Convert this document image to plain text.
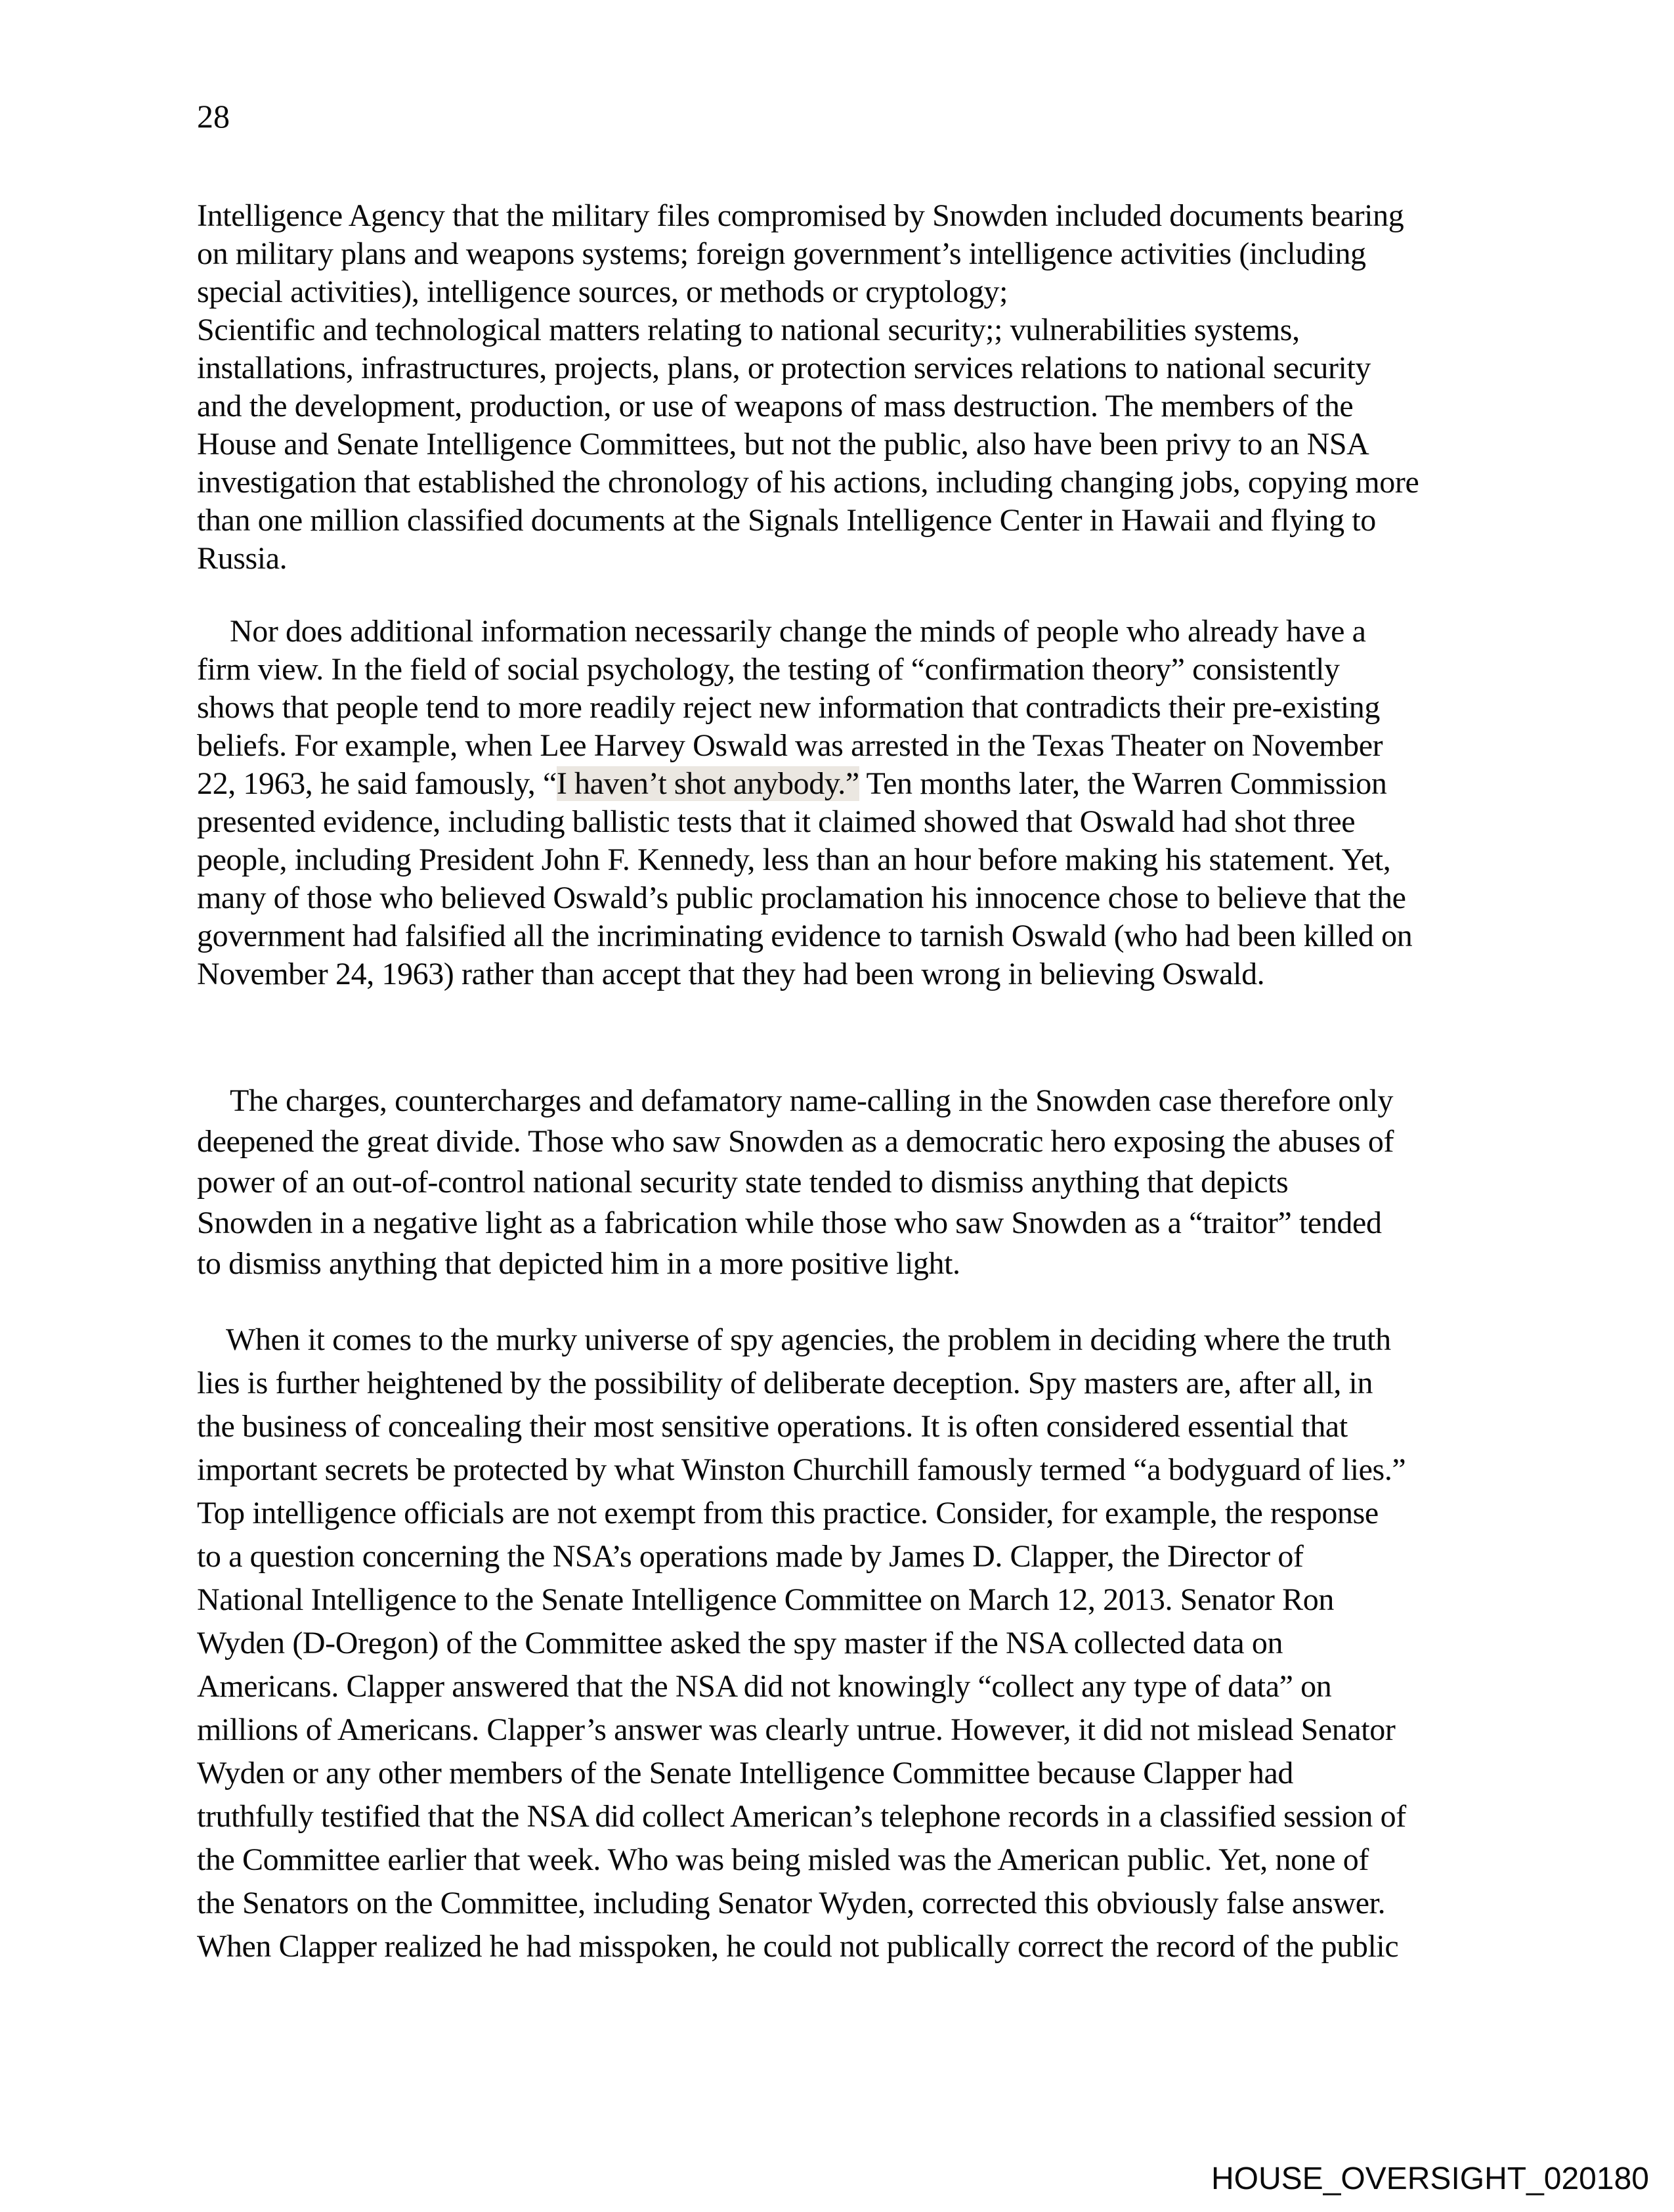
28
Intelligence Agency that the military files compromised by Snowden included documents bearing
on military plans and weapons systems; foreign government’s intelligence activities (including
special activities), intelligence sources, or methods or cryptology;
Scientific and technological matters relating to national security;; vulnerabilities systems,
installations, infrastructures, projects, plans, or protection services relations to national security
and the development, production, or use of weapons of mass destruction. The members of the
House and Senate Intelligence Committees, but not the public, also have been privy to an NSA
investigation that established the chronology of his actions, including changing jobs, copying more
than one million classified documents at the Signals Intelligence Center in Hawaii and flying to
Russia.
Nor does additional information necessarily change the minds of people who already have a
firm view. In the field of social psychology, the testing of “confirmation theory” consistently
shows that people tend to more readily reject new information that contradicts their pre-existing
beliefs. For example, when Lee Harvey Oswald was arrested in the Texas Theater on November
22, 1963, he said famously, “I haven’t shot anybody.” Ten months later, the Warren Commission
presented evidence, including ballistic tests that it claimed showed that Oswald had shot three
people, including President John F. Kennedy, less than an hour before making his statement. Yet,
many of those who believed Oswald’s public proclamation his innocence chose to believe that the
government had falsified all the incriminating evidence to tarnish Oswald (who had been killed on
November 24, 1963) rather than accept that they had been wrong in believing Oswald.
The charges, countercharges and defamatory name-calling in the Snowden case therefore only
deepened the great divide. Those who saw Snowden as a democratic hero exposing the abuses of
power of an out-of-control national security state tended to dismiss anything that depicts
Snowden in a negative light as a fabrication while those who saw Snowden as a “traitor” tended
to dismiss anything that depicted him in a more positive light.
When it comes to the murky universe of spy agencies, the problem in deciding where the truth
lies is further heightened by the possibility of deliberate deception. Spy masters are, after all, in
the business of concealing their most sensitive operations. It is often considered essential that
important secrets be protected by what Winston Churchill famously termed “a bodyguard of lies.”
Top intelligence officials are not exempt from this practice. Consider, for example, the response
to a question concerning the NSA’s operations made by James D. Clapper, the Director of
National Intelligence to the Senate Intelligence Committee on March 12, 2013. Senator Ron
Wyden (D-Oregon) of the Committee asked the spy master if the NSA collected data on
Americans. Clapper answered that the NSA did not knowingly “collect any type of data” on
millions of Americans. Clapper’s answer was clearly untrue. However, it did not mislead Senator
Wyden or any other members of the Senate Intelligence Committee because Clapper had
truthfully testified that the NSA did collect American’s telephone records in a classified session of
the Committee earlier that week. Who was being misled was the American public. Yet, none of
the Senators on the Committee, including Senator Wyden, corrected this obviously false answer.
When Clapper realized he had misspoken, he could not publically correct the record of the public
HOUSE_OVERSIGHT_020180
